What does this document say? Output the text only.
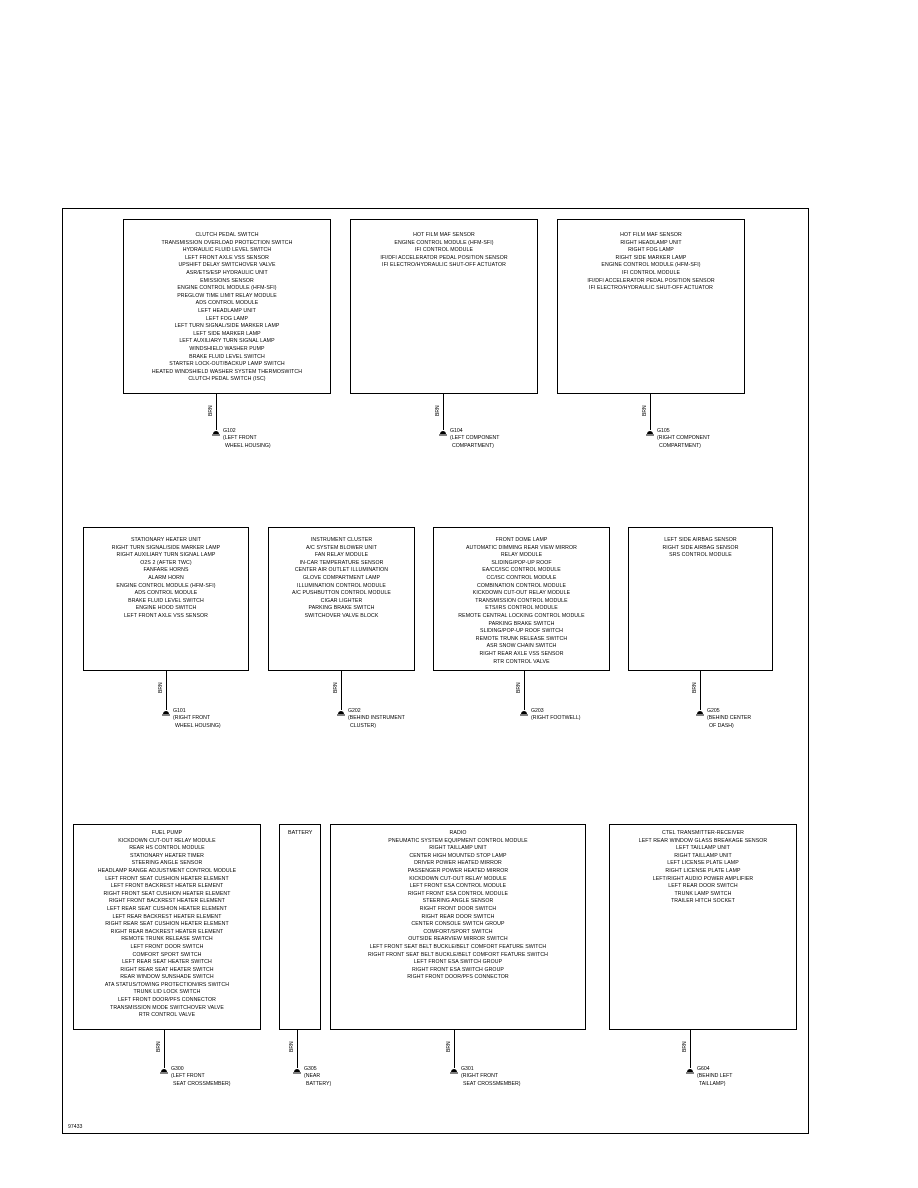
CLUTCH PEDAL SWITCH
TRANSMISSION OVERLOAD PROTECTION SWITCH
HYDRAULIC FLUID LEVEL SWITCH
LEFT FRONT AXLE VSS SENSOR
UPSHIFT DELAY SWITCHOVER VALVE
ASR/ETS/ESP HYDRAULIC UNIT
EMISSIONS SENSOR
ENGINE CONTROL MODULE (HFM-SFI)
PREGLOW TIME LIMIT RELAY MODULE
ADS CONTROL MODULE
LEFT HEADLAMP UNIT
LEFT FOG LAMP
LEFT TURN SIGNAL/SIDE MARKER LAMP
LEFT SIDE MARKER LAMP
LEFT AUXILIARY TURN SIGNAL LAMP
WINDSHIELD WASHER PUMP
BRAKE FLUID LEVEL SWITCH
STARTER LOCK-OUT/BACKUP LAMP SWITCH
HEATED WINDSHIELD WASHER SYSTEM THERMOSWITCH
CLUTCH PEDAL SWITCH (ISC)
BRN
G102
(LEFT FRONT
WHEEL HOUSING)
HOT FILM MAF SENSOR
ENGINE CONTROL MODULE (HFM-SFI)
IFI CONTROL MODULE
IFI/DFI ACCELERATOR PEDAL POSITION SENSOR
IFI ELECTRO/HYDRAULIC SHUT-OFF ACTUATOR
BRN
G104
(LEFT COMPONENT
COMPARTMENT)
HOT FILM MAF SENSOR
RIGHT HEADLAMP UNIT
RIGHT FOG LAMP
RIGHT SIDE MARKER LAMP
ENGINE CONTROL MODULE (HFM-SFI)
IFI CONTROL MODULE
IFI/DFI ACCELERATOR PEDAL POSITION SENSOR
IFI ELECTRO/HYDRAULIC SHUT-OFF ACTUATOR
BRN
G105
(RIGHT COMPONENT
COMPARTMENT)
STATIONARY HEATER UNIT
RIGHT TURN SIGNAL/SIDE MARKER LAMP
RIGHT AUXILIARY TURN SIGNAL LAMP
O2S 2 (AFTER TWC)
FANFARE HORNS
ALARM HORN
ENGINE CONTROL MODULE (HFM-SFI)
ADS CONTROL MODULE
BRAKE FLUID LEVEL SWITCH
ENGINE HOOD SWITCH
LEFT FRONT AXLE VSS SENSOR
BRN
G101
(RIGHT FRONT
WHEEL HOUSING)
INSTRUMENT CLUSTER
A/C SYSTEM BLOWER UNIT
FAN RELAY MODULE
IN-CAR TEMPERATURE SENSOR
CENTER AIR OUTLET ILLUMINATION
GLOVE COMPARTMENT LAMP
ILLUMINATION CONTROL MODULE
A/C PUSHBUTTON CONTROL MODULE
CIGAR LIGHTER
PARKING BRAKE SWITCH
SWITCHOVER VALVE BLOCK
BRN
G202
(BEHIND INSTRUMENT
CLUSTER)
FRONT DOME LAMP
AUTOMATIC DIMMING REAR VIEW MIRROR
RELAY MODULE
SLIDING/POP-UP ROOF
EA/CC/ISC CONTROL MODULE
CC/ISC CONTROL MODULE
COMBINATION CONTROL MODULE
KICKDOWN CUT-OUT RELAY MODULE
TRANSMISSION CONTROL MODULE
ETS/IRS CONTROL MODULE
REMOTE CENTRAL LOCKING CONTROL MODULE
PARKING BRAKE SWITCH
SLIDING/POP-UP ROOF SWITCH
REMOTE TRUNK RELEASE SWITCH
ASR SNOW CHAIN SWITCH
RIGHT REAR AXLE VSS SENSOR
RTR CONTROL VALVE
BRN
G203
(RIGHT FOOTWELL)
LEFT SIDE AIRBAG SENSOR
RIGHT SIDE AIRBAG SENSOR
SRS CONTROL MODULE
BRN
G205
(BEHIND CENTER
OF DASH)
FUEL PUMP
KICKDOWN CUT-OUT RELAY MODULE
REAR HS CONTROL MODULE
STATIONARY HEATER TIMER
STEERING ANGLE SENSOR
HEADLAMP RANGE ADJUSTMENT CONTROL MODULE
LEFT FRONT SEAT CUSHION HEATER ELEMENT
LEFT FRONT BACKREST HEATER ELEMENT
RIGHT FRONT SEAT CUSHION HEATER ELEMENT
RIGHT FRONT BACKREST HEATER ELEMENT
LEFT REAR SEAT CUSHION HEATER ELEMENT
LEFT REAR BACKREST HEATER ELEMENT
RIGHT REAR SEAT CUSHION HEATER ELEMENT
RIGHT REAR BACKREST HEATER ELEMENT
REMOTE TRUNK RELEASE SWITCH
LEFT FRONT DOOR SWITCH
COMFORT SPORT SWITCH
LEFT REAR SEAT HEATER SWITCH
RIGHT REAR SEAT HEATER SWITCH
REAR WINDOW SUNSHADE SWITCH
ATA STATUS/TOWING PROTECTION/IRS SWITCH
TRUNK LID LOCK SWITCH
LEFT FRONT DOOR/PFS CONNECTOR
TRANSMISSION MODE SWITCHOVER VALVE
RTR CONTROL VALVE
BRN
G300
(LEFT FRONT
SEAT CROSSMEMBER)
BATTERY
BRN
G305
(NEAR
BATTERY)
RADIO
PNEUMATIC SYSTEM EQUIPMENT CONTROL MODULE
RIGHT TAILLAMP UNIT
CENTER HIGH MOUNTED STOP LAMP
DRIVER POWER HEATED MIRROR
PASSENGER POWER HEATED MIRROR
KICKDOWN CUT-OUT RELAY MODULE
LEFT FRONT ESA CONTROL MODULE
RIGHT FRONT ESA CONTROL MODULE
STEERING ANGLE SENSOR
RIGHT FRONT DOOR SWITCH
RIGHT REAR DOOR SWITCH
CENTER CONSOLE SWITCH GROUP
COMFORT/SPORT SWITCH
OUTSIDE REARVIEW MIRROR SWITCH
LEFT FRONT SEAT BELT BUCKLE/BELT COMFORT FEATURE SWITCH
RIGHT FRONT SEAT BELT BUCKLE/BELT COMFORT FEATURE SWITCH
LEFT FRONT ESA SWITCH GROUP
RIGHT FRONT ESA SWITCH GROUP
RIGHT FRONT DOOR/PFS CONNECTOR
BRN
G301
(RIGHT FRONT
SEAT CROSSMEMBER)
CTEL TRANSMITTER-RECEIVER
LEFT REAR WINDOW GLASS BREAKAGE SENSOR
LEFT TAILLAMP UNIT
RIGHT TAILLAMP UNIT
LEFT LICENSE PLATE LAMP
RIGHT LICENSE PLATE LAMP
LEFT/RIGHT AUDIO POWER AMPLIFIER
LEFT REAR DOOR SWITCH
TRUNK LAMP SWITCH
TRAILER HITCH SOCKET
BRN
G604
(BEHIND LEFT
TAILLAMP)
97433
